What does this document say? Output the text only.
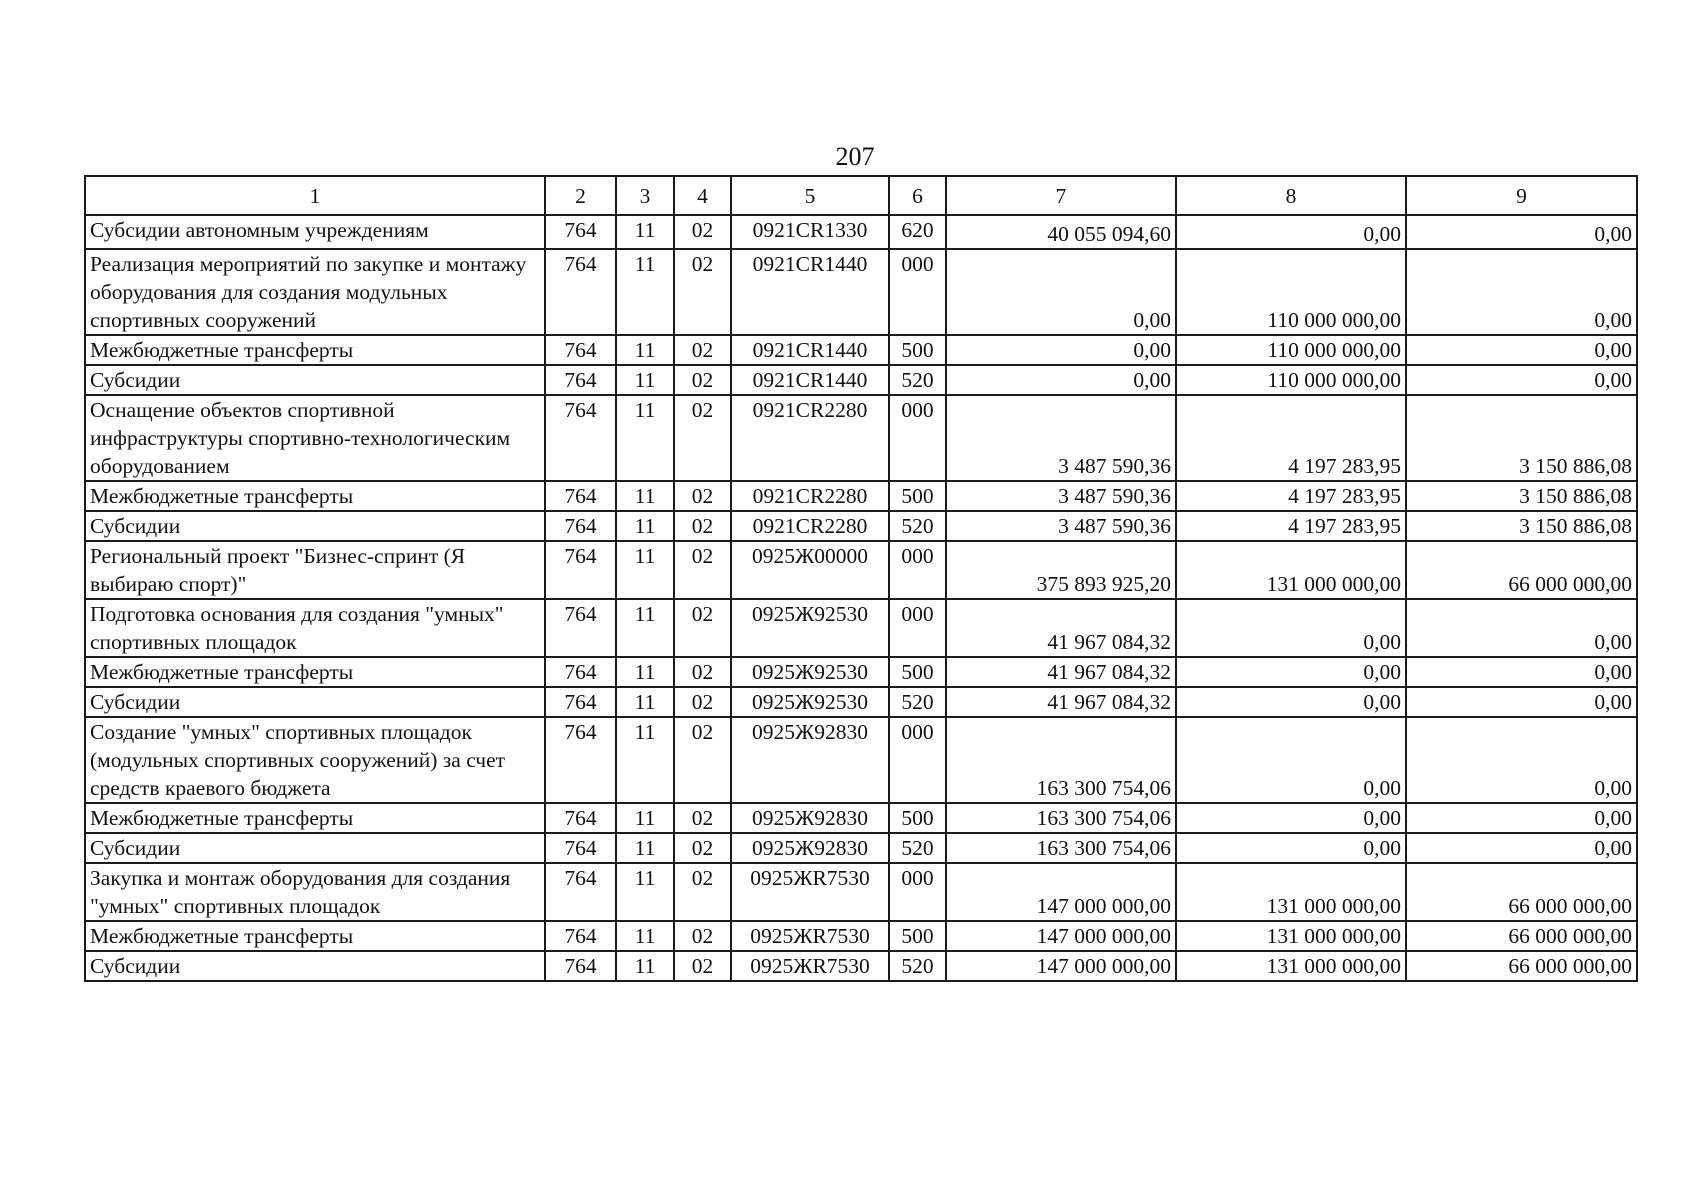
207
1	2	3	4	5	6	7	8	9
Субсидии автономным учреждениям	764	11	02	0921CR1330	620	40 055 094,60	0,00	0,00
Реализация мероприятий по закупке и монтажу оборудования для создания модульных спортивных сооружений	764	11	02	0921CR1440	000	0,00	110 000 000,00	0,00
Межбюджетные трансферты	764	11	02	0921CR1440	500	0,00	110 000 000,00	0,00
Субсидии	764	11	02	0921CR1440	520	0,00	110 000 000,00	0,00
Оснащение объектов спортивной инфраструктуры спортивно-технологическим оборудованием	764	11	02	0921CR2280	000	3 487 590,36	4 197 283,95	3 150 886,08
Межбюджетные трансферты	764	11	02	0921CR2280	500	3 487 590,36	4 197 283,95	3 150 886,08
Субсидии	764	11	02	0921CR2280	520	3 487 590,36	4 197 283,95	3 150 886,08
Региональный проект "Бизнес-спринт (Я выбираю спорт)"	764	11	02	0925Ж00000	000	375 893 925,20	131 000 000,00	66 000 000,00
Подготовка основания для создания "умных" спортивных площадок	764	11	02	0925Ж92530	000	41 967 084,32	0,00	0,00
Межбюджетные трансферты	764	11	02	0925Ж92530	500	41 967 084,32	0,00	0,00
Субсидии	764	11	02	0925Ж92530	520	41 967 084,32	0,00	0,00
Создание "умных" спортивных площадок (модульных спортивных сооружений) за счет средств краевого бюджета	764	11	02	0925Ж92830	000	163 300 754,06	0,00	0,00
Межбюджетные трансферты	764	11	02	0925Ж92830	500	163 300 754,06	0,00	0,00
Субсидии	764	11	02	0925Ж92830	520	163 300 754,06	0,00	0,00
Закупка и монтаж оборудования для создания "умных" спортивных площадок	764	11	02	0925ЖR7530	000	147 000 000,00	131 000 000,00	66 000 000,00
Межбюджетные трансферты	764	11	02	0925ЖR7530	500	147 000 000,00	131 000 000,00	66 000 000,00
Субсидии	764	11	02	0925ЖR7530	520	147 000 000,00	131 000 000,00	66 000 000,00
